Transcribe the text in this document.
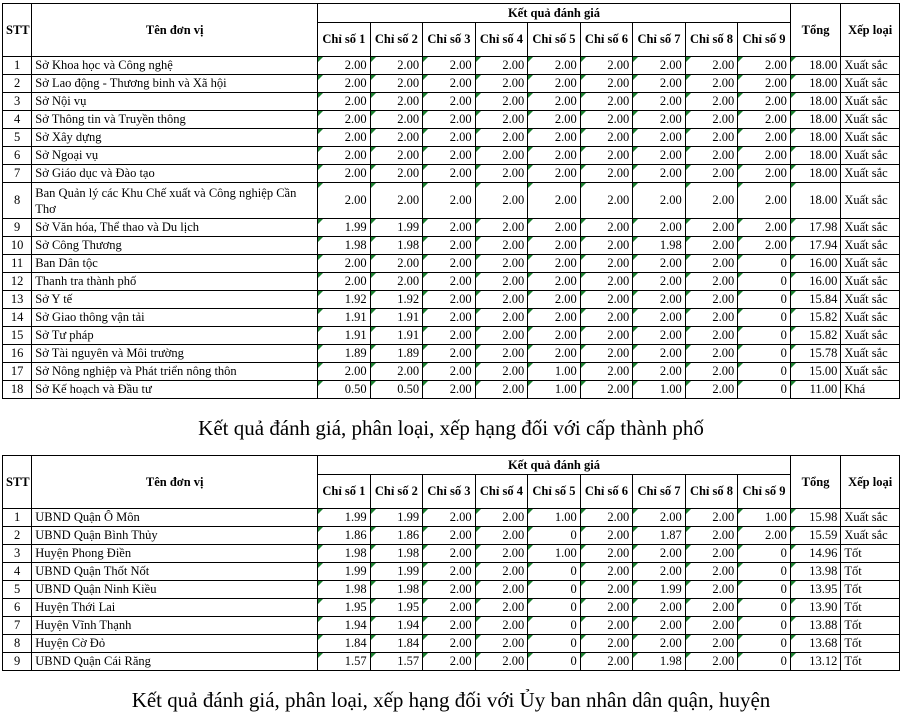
STT	Tên đơn vị	Kết quả đánh giá									Tổng	Xếp loại
		Chỉ số 1	Chỉ số 2	Chỉ số 3	Chỉ số 4	Chỉ số 5	Chỉ số 6	Chỉ số 7	Chỉ số 8	Chỉ số 9		
1	Sở Khoa học và Công nghệ	2.00	2.00	2.00	2.00	2.00	2.00	2.00	2.00	2.00	18.00	Xuất sắc
2	Sở Lao động - Thương binh và Xã hội	2.00	2.00	2.00	2.00	2.00	2.00	2.00	2.00	2.00	18.00	Xuất sắc
3	Sở Nội vụ	2.00	2.00	2.00	2.00	2.00	2.00	2.00	2.00	2.00	18.00	Xuất sắc
4	Sở Thông tin và Truyền thông	2.00	2.00	2.00	2.00	2.00	2.00	2.00	2.00	2.00	18.00	Xuất sắc
5	Sở Xây dựng	2.00	2.00	2.00	2.00	2.00	2.00	2.00	2.00	2.00	18.00	Xuất sắc
6	Sở Ngoại vụ	2.00	2.00	2.00	2.00	2.00	2.00	2.00	2.00	2.00	18.00	Xuất sắc
7	Sở Giáo dục và Đào tạo	2.00	2.00	2.00	2.00	2.00	2.00	2.00	2.00	2.00	18.00	Xuất sắc
8	Ban Quản lý các Khu Chế xuất và Công nghiệp Cần Thơ	2.00	2.00	2.00	2.00	2.00	2.00	2.00	2.00	2.00	18.00	Xuất sắc
9	Sở Văn hóa, Thể thao và Du lịch	1.99	1.99	2.00	2.00	2.00	2.00	2.00	2.00	2.00	17.98	Xuất sắc
10	Sở Công Thương	1.98	1.98	2.00	2.00	2.00	2.00	1.98	2.00	2.00	17.94	Xuất sắc
11	Ban Dân tộc	2.00	2.00	2.00	2.00	2.00	2.00	2.00	2.00	0	16.00	Xuất sắc
12	Thanh tra thành phố	2.00	2.00	2.00	2.00	2.00	2.00	2.00	2.00	0	16.00	Xuất sắc
13	Sở Y tế	1.92	1.92	2.00	2.00	2.00	2.00	2.00	2.00	0	15.84	Xuất sắc
14	Sở Giao thông vận tải	1.91	1.91	2.00	2.00	2.00	2.00	2.00	2.00	0	15.82	Xuất sắc
15	Sở Tư pháp	1.91	1.91	2.00	2.00	2.00	2.00	2.00	2.00	0	15.82	Xuất sắc
16	Sở Tài nguyên và Môi trường	1.89	1.89	2.00	2.00	2.00	2.00	2.00	2.00	0	15.78	Xuất sắc
17	Sở Nông nghiệp và Phát triển nông thôn	2.00	2.00	2.00	2.00	1.00	2.00	2.00	2.00	0	15.00	Xuất sắc
18	Sở Kế hoạch và Đầu tư	0.50	0.50	2.00	2.00	1.00	2.00	1.00	2.00	0	11.00	Khá
Kết quả đánh giá, phân loại, xếp hạng đối với cấp thành phố
STT	Tên đơn vị	Kết quả đánh giá									Tổng	Xếp loại
		Chỉ số 1	Chỉ số 2	Chỉ số 3	Chỉ số 4	Chỉ số 5	Chỉ số 6	Chỉ số 7	Chỉ số 8	Chỉ số 9		
1	UBND Quận Ô Môn	1.99	1.99	2.00	2.00	1.00	2.00	2.00	2.00	1.00	15.98	Xuất sắc
2	UBND Quận Bình Thủy	1.86	1.86	2.00	2.00	0	2.00	1.87	2.00	2.00	15.59	Xuất sắc
3	Huyện Phong Điền	1.98	1.98	2.00	2.00	1.00	2.00	2.00	2.00	0	14.96	Tốt
4	UBND Quận Thốt Nốt	1.99	1.99	2.00	2.00	0	2.00	2.00	2.00	0	13.98	Tốt
5	UBND Quận Ninh Kiều	1.98	1.98	2.00	2.00	0	2.00	1.99	2.00	0	13.95	Tốt
6	Huyện Thới Lai	1.95	1.95	2.00	2.00	0	2.00	2.00	2.00	0	13.90	Tốt
7	Huyện Vĩnh Thạnh	1.94	1.94	2.00	2.00	0	2.00	2.00	2.00	0	13.88	Tốt
8	Huyện Cờ Đỏ	1.84	1.84	2.00	2.00	0	2.00	2.00	2.00	0	13.68	Tốt
9	UBND Quận Cái Răng	1.57	1.57	2.00	2.00	0	2.00	1.98	2.00	0	13.12	Tốt
Kết quả đánh giá, phân loại, xếp hạng đối với Ủy ban nhân dân quận, huyện
